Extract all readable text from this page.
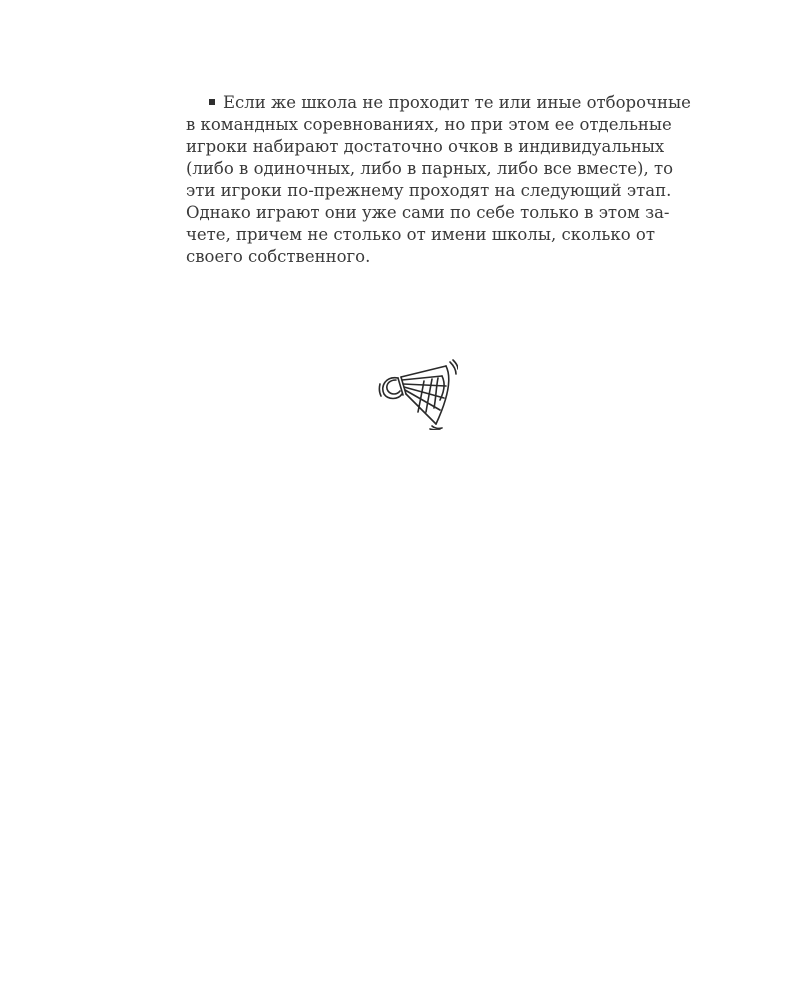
Если же школа не проходит те или иные отборочные
в командных соревнованиях, но при этом ее отдельные
игроки набирают достаточно очков в индивидуальных
(либо в одиночных, либо в парных, либо все вместе), то
эти игроки по-прежнему проходят на следующий этап.
Однако играют они уже сами по себе только в этом за-
чете, причем не столько от имени школы, сколько от
своего собственного.
